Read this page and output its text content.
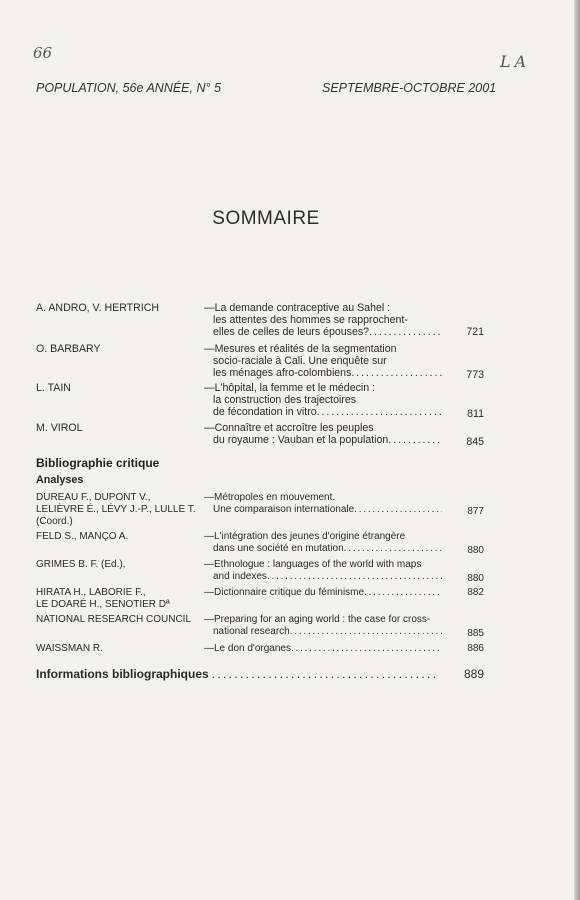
66	LA
POPULATION, 56e ANNÉE, N° 5	SEPTEMBRE-OCTOBRE 2001
SOMMAIRE
A. ANDRO, V. HERTRICH	—La demande contraceptive au Sahel :
les attentes des hommes se rapprochent-
elles de celles de leurs épouses? . . .	721
O. BARBARY	—Mesures et réalités de la segmentation
socio-raciale à Cali. Une enquête sur
les ménages afro-colombiens . . .	773
L. TAIN	—L'hôpital, la femme et le médecin :
la construction des trajectoires
de fécondation in vitro . . .	811
M. VIROL	—Connaître et accroître les peuples
du royaume : Vauban et la population . . .	845
Bibliographie critique
Analyses
DUREAU F., DUPONT V.,
LELIÈVRE É., LÉVY J.-P., LULLE T.
(Coord.)
—Métropoles en mouvement.
Une comparaison internationale . . .	877
FELD S., MANÇO A.	—L'intégration des jeunes d'origine étrangère
dans une société en mutation . . .	880
GRIMES B. F. (Ed.),	—Ethnologue : languages of the world with maps
and indexes . . .	880
HIRATA H., LABORIE F.,
LE DOARÉ H., SENOTIER Dª
—Dictionnaire critique du féminisme . . .	882
NATIONAL RESEARCH COUNCIL	—Preparing for an aging world : the case for cross-
national research . . .	885
WAISSMAN R.	—Le don d'organes . . .	886
Informations bibliographiques . . .	889
